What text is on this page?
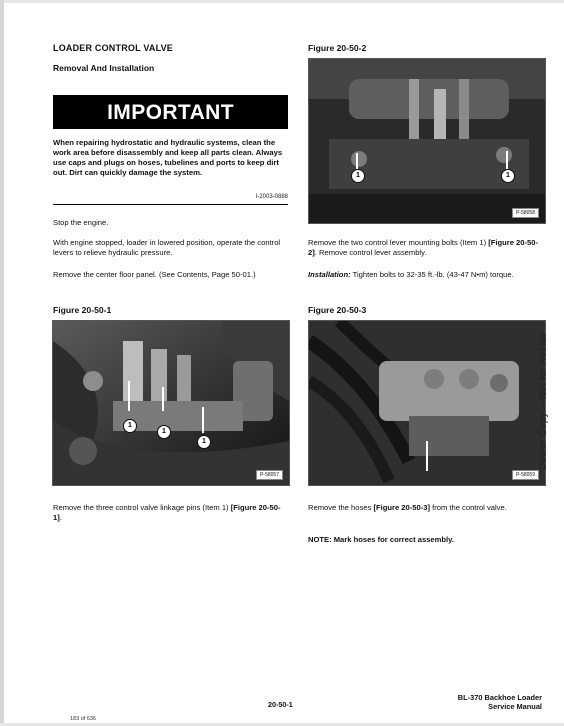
LOADER CONTROL VALVE
Removal And Installation
IMPORTANT
When repairing hydrostatic and hydraulic systems, clean the work area before disassembly and keep all parts clean. Always use caps and plugs on hoses, tubelines and ports to keep dirt out. Dirt can quickly damage the system.
I-2003-0888
Stop the engine.
With engine stopped, loader in lowered position, operate the control levers to relieve hydraulic pressure.
Remove the center floor panel. (See Contents, Page 50-01.)
Figure 20-50-1
1
1
1
P-58057
Remove the three control valve linkage pins (Item 1) [Figure 20-50-1].
Figure 20-50-2
1	1
P-58058
Remove the two control lever mounting bolts (Item 1) [Figure 20-50-2]. Remove control lever assembly.
Installation: Tighten bolts to 32-35 ft.-lb. (43-47 N•m) torque.
Figure 20-50-3
P-58059
Remove the hoses [Figure 20-50-3] from the control valve.
NOTE: Mark hoses for correct assembly.
Dealer Copy -- Not for Resale
20-50-1
BL-370 Backhoe Loader
Service Manual
183 of 636
